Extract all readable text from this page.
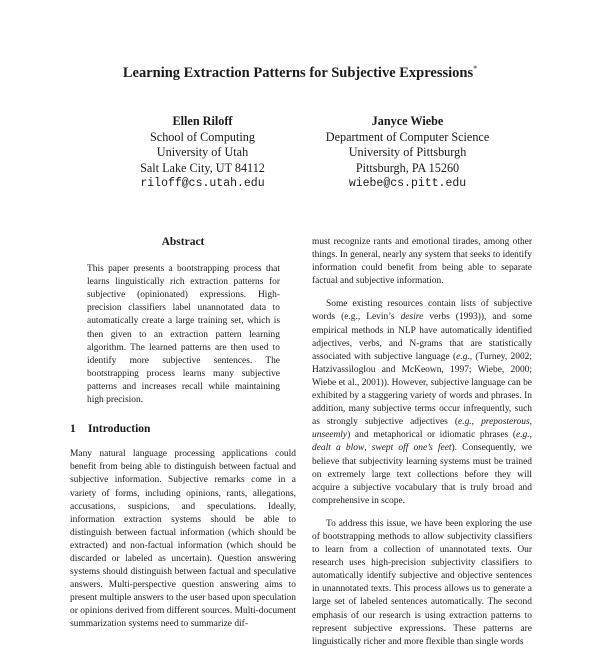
Learning Extraction Patterns for Subjective Expressions*
Ellen Riloff
School of Computing
University of Utah
Salt Lake City, UT 84112
riloff@cs.utah.edu
Janyce Wiebe
Department of Computer Science
University of Pittsburgh
Pittsburgh, PA 15260
wiebe@cs.pitt.edu
Abstract

This paper presents a bootstrapping process that learns linguistically rich extraction patterns for subjective (opinionated) expressions. High-precision classifiers label unannotated data to automatically create a large training set, which is then given to an extraction pattern learning algorithm. The learned patterns are then used to identify more subjective sentences. The bootstrapping process learns many subjective patterns and increases recall while maintaining high precision.

1 Introduction

Many natural language processing applications could benefit from being able to distinguish between factual and subjective information. Subjective remarks come in a variety of forms, including opinions, rants, allegations, accusations, suspicions, and speculations. Ideally, information extraction systems should be able to distinguish between factual information (which should be extracted) and non-factual information (which should be discarded or labeled as uncertain). Question answering systems should distinguish between factual and speculative answers. Multi-perspective question answering aims to present multiple answers to the user based upon speculation or opinions derived from different sources. Multi-document summarization systems need to summarize dif-

must recognize rants and emotional tirades, among other things. In general, nearly any system that seeks to identify information could benefit from being able to separate factual and subjective information.

Some existing resources contain lists of subjective words (e.g., Levin’s desire verbs (1993)), and some empirical methods in NLP have automatically identified adjectives, verbs, and N-grams that are statistically associated with subjective language (e.g., (Turney, 2002; Hatzivassiloglou and McKeown, 1997; Wiebe, 2000; Wiebe et al., 2001)). However, subjective language can be exhibited by a staggering variety of words and phrases. In addition, many subjective terms occur infrequently, such as strongly subjective adjectives (e.g., preposterous, unseemly) and metaphorical or idiomatic phrases (e.g., dealt a blow, swept off one’s feet). Consequently, we believe that subjectivity learning systems must be trained on extremely large text collections before they will acquire a subjective vocabulary that is truly broad and comprehensive in scope.

To address this issue, we have been exploring the use of bootstrapping methods to allow subjectivity classifiers to learn from a collection of unannotated texts. Our research uses high-precision subjectivity classifiers to automatically identify subjective and objective sentences in unannotated texts. This process allows us to generate a large set of labeled sentences automatically. The second emphasis of our research is using extraction patterns to represent subjective expressions. These patterns are linguistically richer and more flexible than single words
